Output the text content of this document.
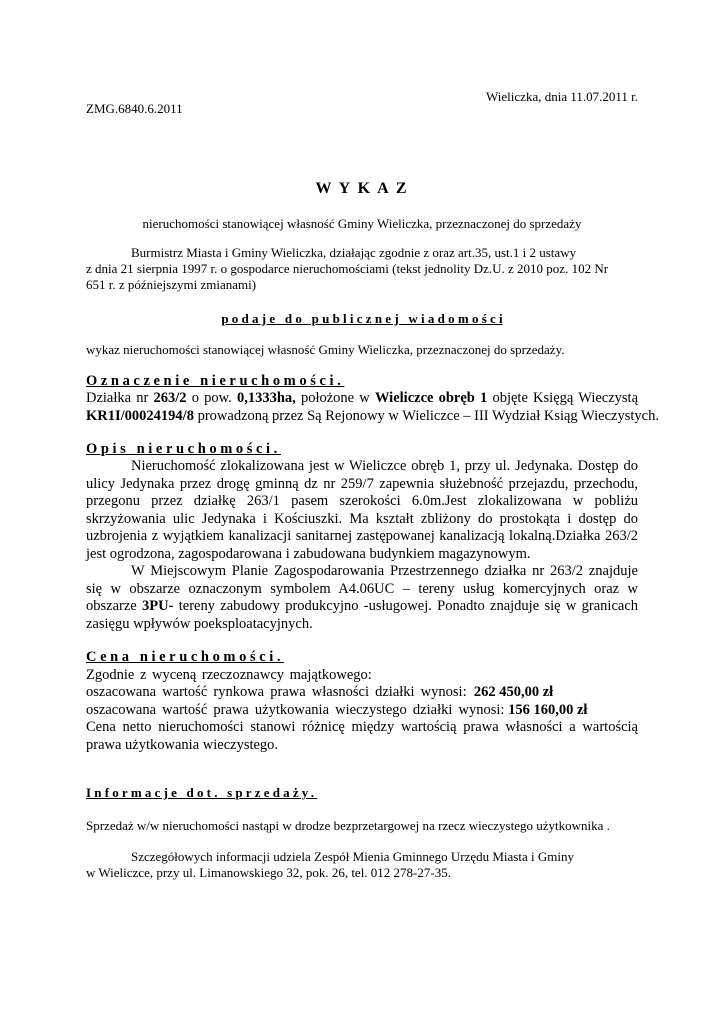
Wieliczka, dnia 11.07.2011 r.
ZMG.6840.6.2011
W Y K A Z
nieruchomości stanowiącej własność Gminy Wieliczka, przeznaczonej do sprzedaży
Burmistrz Miasta i Gminy Wieliczka, działając zgodnie z oraz art.35, ust.1 i 2 ustawy
z dnia 21 sierpnia 1997 r. o gospodarce nieruchomościami (tekst jednolity Dz.U. z 2010 poz. 102 Nr
651 r. z późniejszymi zmianami)
p o d a j e   d o   p u b l i c z n e j   w i a d o m o ś c i
wykaz nieruchomości stanowiącej własność Gminy Wieliczka, przeznaczonej do sprzedaży.
Oznaczenie nieruchomości.
Działka nr 263/2 o pow. 0,1333ha, położone w Wieliczce obręb 1 objęte Księgą Wieczystą
KR1I/00024194/8 prowadzoną przez Są Rejonowy w Wieliczce – III Wydział Ksiąg Wieczystych.
Opis nieruchomości.
Nieruchomość zlokalizowana jest w Wieliczce obręb 1, przy ul. Jedynaka. Dostęp do
ulicy Jedynaka przez drogę gminną dz nr 259/7 zapewnia służebność przejazdu, przechodu,
przegonu przez działkę 263/1 pasem szerokości 6.0m.Jest zlokalizowana w pobliżu
skrzyżowania ulic Jedynaka i Kościuszki. Ma kształt zbliżony do prostokąta i dostęp do
uzbrojenia z wyjątkiem kanalizacji sanitarnej zastępowanej kanalizacją lokalną.Działka 263/2
jest ogrodzona, zagospodarowana i zabudowana budynkiem magazynowym.
W Miejscowym Planie Zagospodarowania Przestrzennego działka nr 263/2 znajduje
się w obszarze oznaczonym symbolem A4.06UC – tereny usług komercyjnych oraz w
obszarze 3PU- tereny zabudowy produkcyjno -usługowej. Ponadto znajduje się w granicach
zasięgu wpływów poeksploatacyjnych.
Cena nieruchomości.
Zgodnie z wyceną rzeczoznawcy majątkowego:
oszacowana wartość rynkowa prawa własności działki wynosi: 262 450,00 zł
oszacowana wartość prawa użytkowania wieczystego działki wynosi: 156 160,00 zł
Cena netto nieruchomości stanowi różnicę między wartością prawa własności a wartością
prawa użytkowania wieczystego.
Informacje dot. sprzedaży.
Sprzedaż w/w nieruchomości nastąpi w drodze bezprzetargowej na rzecz wieczystego użytkownika .
Szczegółowych informacji udziela Zespół Mienia Gminnego Urzędu Miasta i Gminy
w Wieliczce, przy ul. Limanowskiego 32, pok. 26, tel. 012 278-27-35.
